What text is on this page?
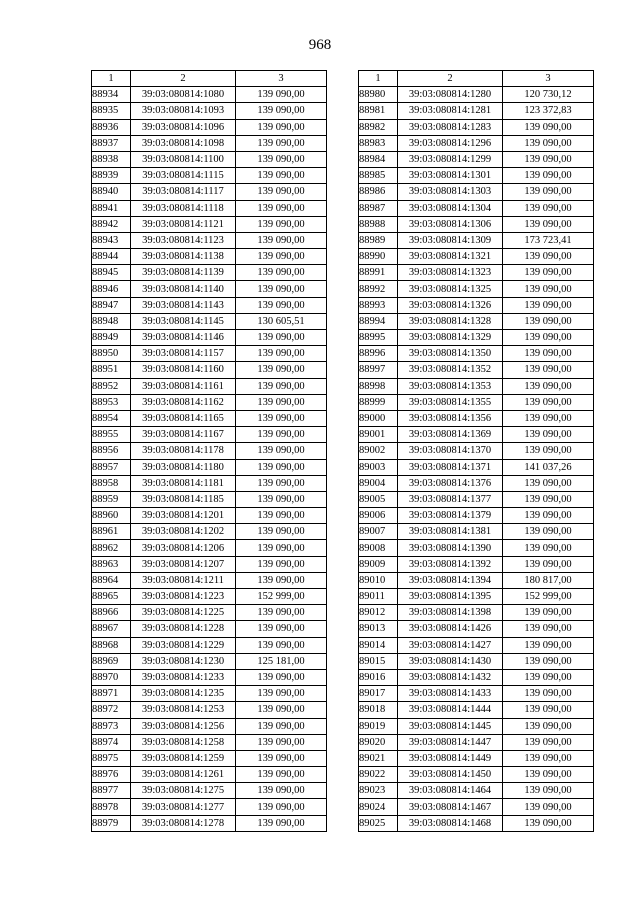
968
1	2	3
88934	39:03:080814:1080	139 090,00
88935	39:03:080814:1093	139 090,00
88936	39:03:080814:1096	139 090,00
88937	39:03:080814:1098	139 090,00
88938	39:03:080814:1100	139 090,00
88939	39:03:080814:1115	139 090,00
88940	39:03:080814:1117	139 090,00
88941	39:03:080814:1118	139 090,00
88942	39:03:080814:1121	139 090,00
88943	39:03:080814:1123	139 090,00
88944	39:03:080814:1138	139 090,00
88945	39:03:080814:1139	139 090,00
88946	39:03:080814:1140	139 090,00
88947	39:03:080814:1143	139 090,00
88948	39:03:080814:1145	130 605,51
88949	39:03:080814:1146	139 090,00
88950	39:03:080814:1157	139 090,00
88951	39:03:080814:1160	139 090,00
88952	39:03:080814:1161	139 090,00
88953	39:03:080814:1162	139 090,00
88954	39:03:080814:1165	139 090,00
88955	39:03:080814:1167	139 090,00
88956	39:03:080814:1178	139 090,00
88957	39:03:080814:1180	139 090,00
88958	39:03:080814:1181	139 090,00
88959	39:03:080814:1185	139 090,00
88960	39:03:080814:1201	139 090,00
88961	39:03:080814:1202	139 090,00
88962	39:03:080814:1206	139 090,00
88963	39:03:080814:1207	139 090,00
88964	39:03:080814:1211	139 090,00
88965	39:03:080814:1223	152 999,00
88966	39:03:080814:1225	139 090,00
88967	39:03:080814:1228	139 090,00
88968	39:03:080814:1229	139 090,00
88969	39:03:080814:1230	125 181,00
88970	39:03:080814:1233	139 090,00
88971	39:03:080814:1235	139 090,00
88972	39:03:080814:1253	139 090,00
88973	39:03:080814:1256	139 090,00
88974	39:03:080814:1258	139 090,00
88975	39:03:080814:1259	139 090,00
88976	39:03:080814:1261	139 090,00
88977	39:03:080814:1275	139 090,00
88978	39:03:080814:1277	139 090,00
88979	39:03:080814:1278	139 090,00
1	2	3
88980	39:03:080814:1280	120 730,12
88981	39:03:080814:1281	123 372,83
88982	39:03:080814:1283	139 090,00
88983	39:03:080814:1296	139 090,00
88984	39:03:080814:1299	139 090,00
88985	39:03:080814:1301	139 090,00
88986	39:03:080814:1303	139 090,00
88987	39:03:080814:1304	139 090,00
88988	39:03:080814:1306	139 090,00
88989	39:03:080814:1309	173 723,41
88990	39:03:080814:1321	139 090,00
88991	39:03:080814:1323	139 090,00
88992	39:03:080814:1325	139 090,00
88993	39:03:080814:1326	139 090,00
88994	39:03:080814:1328	139 090,00
88995	39:03:080814:1329	139 090,00
88996	39:03:080814:1350	139 090,00
88997	39:03:080814:1352	139 090,00
88998	39:03:080814:1353	139 090,00
88999	39:03:080814:1355	139 090,00
89000	39:03:080814:1356	139 090,00
89001	39:03:080814:1369	139 090,00
89002	39:03:080814:1370	139 090,00
89003	39:03:080814:1371	141 037,26
89004	39:03:080814:1376	139 090,00
89005	39:03:080814:1377	139 090,00
89006	39:03:080814:1379	139 090,00
89007	39:03:080814:1381	139 090,00
89008	39:03:080814:1390	139 090,00
89009	39:03:080814:1392	139 090,00
89010	39:03:080814:1394	180 817,00
89011	39:03:080814:1395	152 999,00
89012	39:03:080814:1398	139 090,00
89013	39:03:080814:1426	139 090,00
89014	39:03:080814:1427	139 090,00
89015	39:03:080814:1430	139 090,00
89016	39:03:080814:1432	139 090,00
89017	39:03:080814:1433	139 090,00
89018	39:03:080814:1444	139 090,00
89019	39:03:080814:1445	139 090,00
89020	39:03:080814:1447	139 090,00
89021	39:03:080814:1449	139 090,00
89022	39:03:080814:1450	139 090,00
89023	39:03:080814:1464	139 090,00
89024	39:03:080814:1467	139 090,00
89025	39:03:080814:1468	139 090,00
